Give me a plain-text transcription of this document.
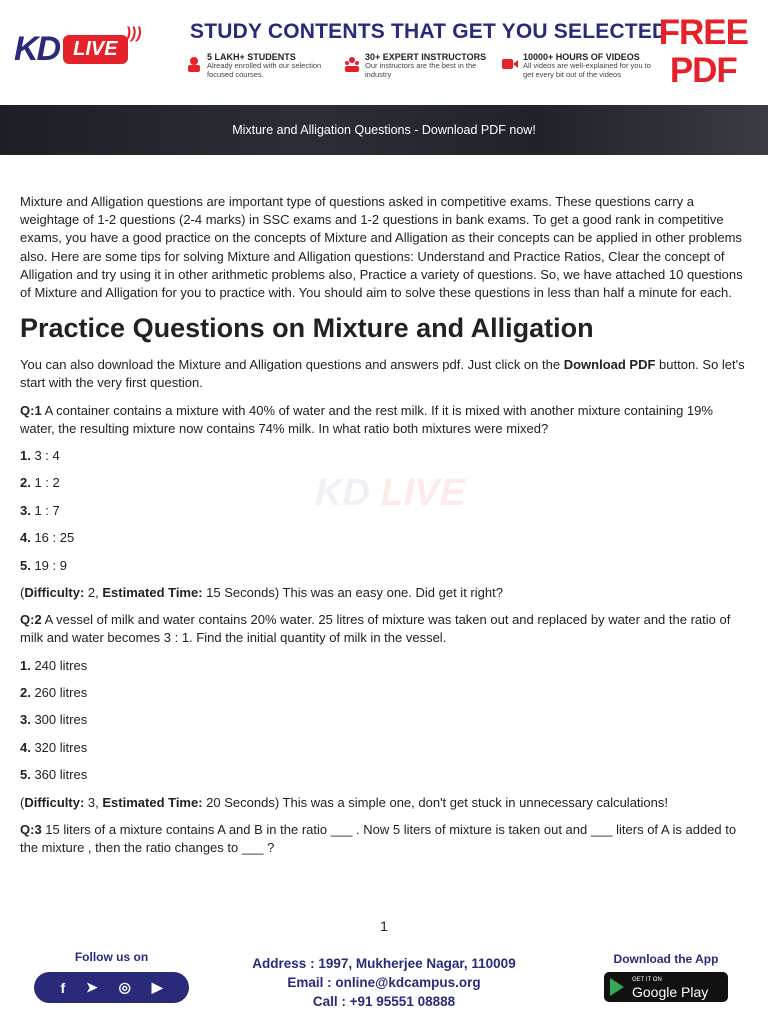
KD LIVE
))) STUDY CONTENTS THAT GET YOU SELECTED
5 LAKH+ STUDENTS
Already enrolled with our selection focused courses.
30+ EXPERT INSTRUCTORS
Our instructors are the best in the industry
10000+ HOURS OF VIDEOS
All videos are well-explained for you to get every bit out of the videos
FREE
PDF
Mixture and Alligation Questions - Download PDF now!
KD LIVE

Mixture and Alligation questions are important type of questions asked in competitive exams. These questions carry a weightage of 1-2 questions (2-4 marks) in SSC exams and 1-2 questions in bank exams. To get a good rank in competitive exams, you have a good practice on the concepts of Mixture and Alligation as their concepts can be applied in other problems also. Here are some tips for solving Mixture and Alligation questions: Understand and Practice Ratios, Clear the concept of Alligation and try using it in other arithmetic problems also, Practice a variety of questions. So, we have attached 10 questions of Mixture and Alligation for you to practice with. You should aim to solve these questions in less than half a minute for each.

Practice Questions on Mixture and Alligation

You can also download the Mixture and Alligation questions and answers pdf. Just click on the Download PDF button. So let's start with the very first question.

Q:1 A container contains a mixture with 40% of water and the rest milk. If it is mixed with another mixture containing 19% water, the resulting mixture now contains 74% milk. In what ratio both mixtures were mixed?

1. 3 : 4
2. 1 : 2
3. 1 : 7
4. 16 : 25
5. 19 : 9

(Difficulty: 2, Estimated Time: 15 Seconds) This was an easy one. Did get it right?

Q:2 A vessel of milk and water contains 20% water. 25 litres of mixture was taken out and replaced by water and the ratio of milk and water becomes 3 : 1. Find the initial quantity of milk in the vessel.

1. 240 litres
2. 260 litres
3. 300 litres
4. 320 litres
5. 360 litres

(Difficulty: 3, Estimated Time: 20 Seconds) This was a simple one, don't get stuck in unnecessary calculations!

Q:3 15 liters of a mixture contains A and B in the ratio ___ . Now 5 liters of mixture is taken out and ___ liters of A is added to the mixture , then the ratio changes to ___ ?

1
Follow us on
f ➤ ◎ ▶
Address : 1997, Mukherjee Nagar, 110009
Email : online@kdcampus.org
Call : +91 95551 08888
Download the App
GET IT ON
Google Play
